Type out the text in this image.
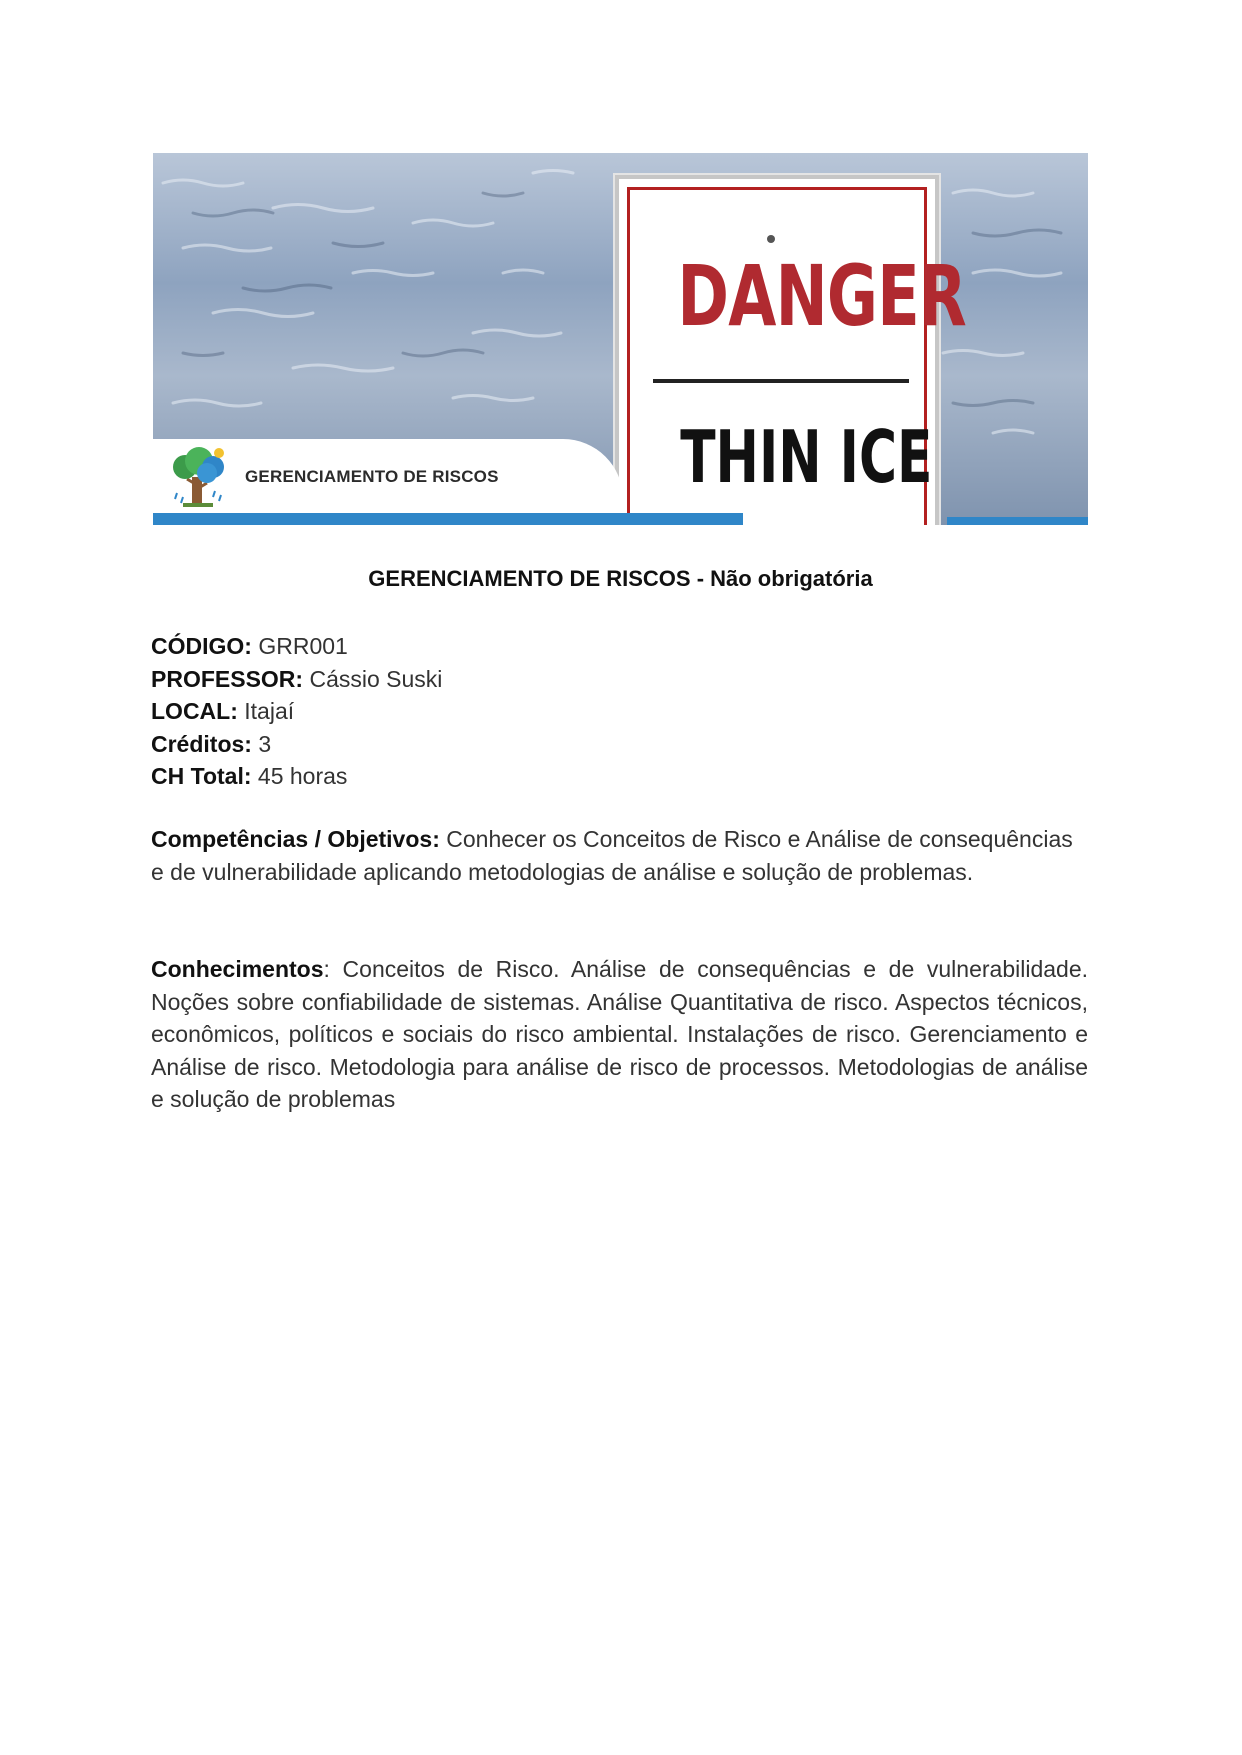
DANGER
THIN ICE
GERENCIAMENTO DE RISCOS
GERENCIAMENTO DE RISCOS - Não obrigatória
CÓDIGO: GRR001
PROFESSOR: Cássio Suski
LOCAL: Itajaí
Créditos: 3
CH Total: 45 horas
Competências / Objetivos: Conhecer os Conceitos de Risco e Análise de consequências e de vulnerabilidade aplicando metodologias de análise e solução de problemas.
Conhecimentos: Conceitos de Risco. Análise de consequências e de vulnerabilidade. Noções sobre confiabilidade de sistemas. Análise Quantitativa de risco. Aspectos técnicos, econômicos, políticos e sociais do risco ambiental. Instalações de risco. Gerenciamento e Análise de risco. Metodologia para análise de risco de processos. Metodologias de análise e solução de problemas
